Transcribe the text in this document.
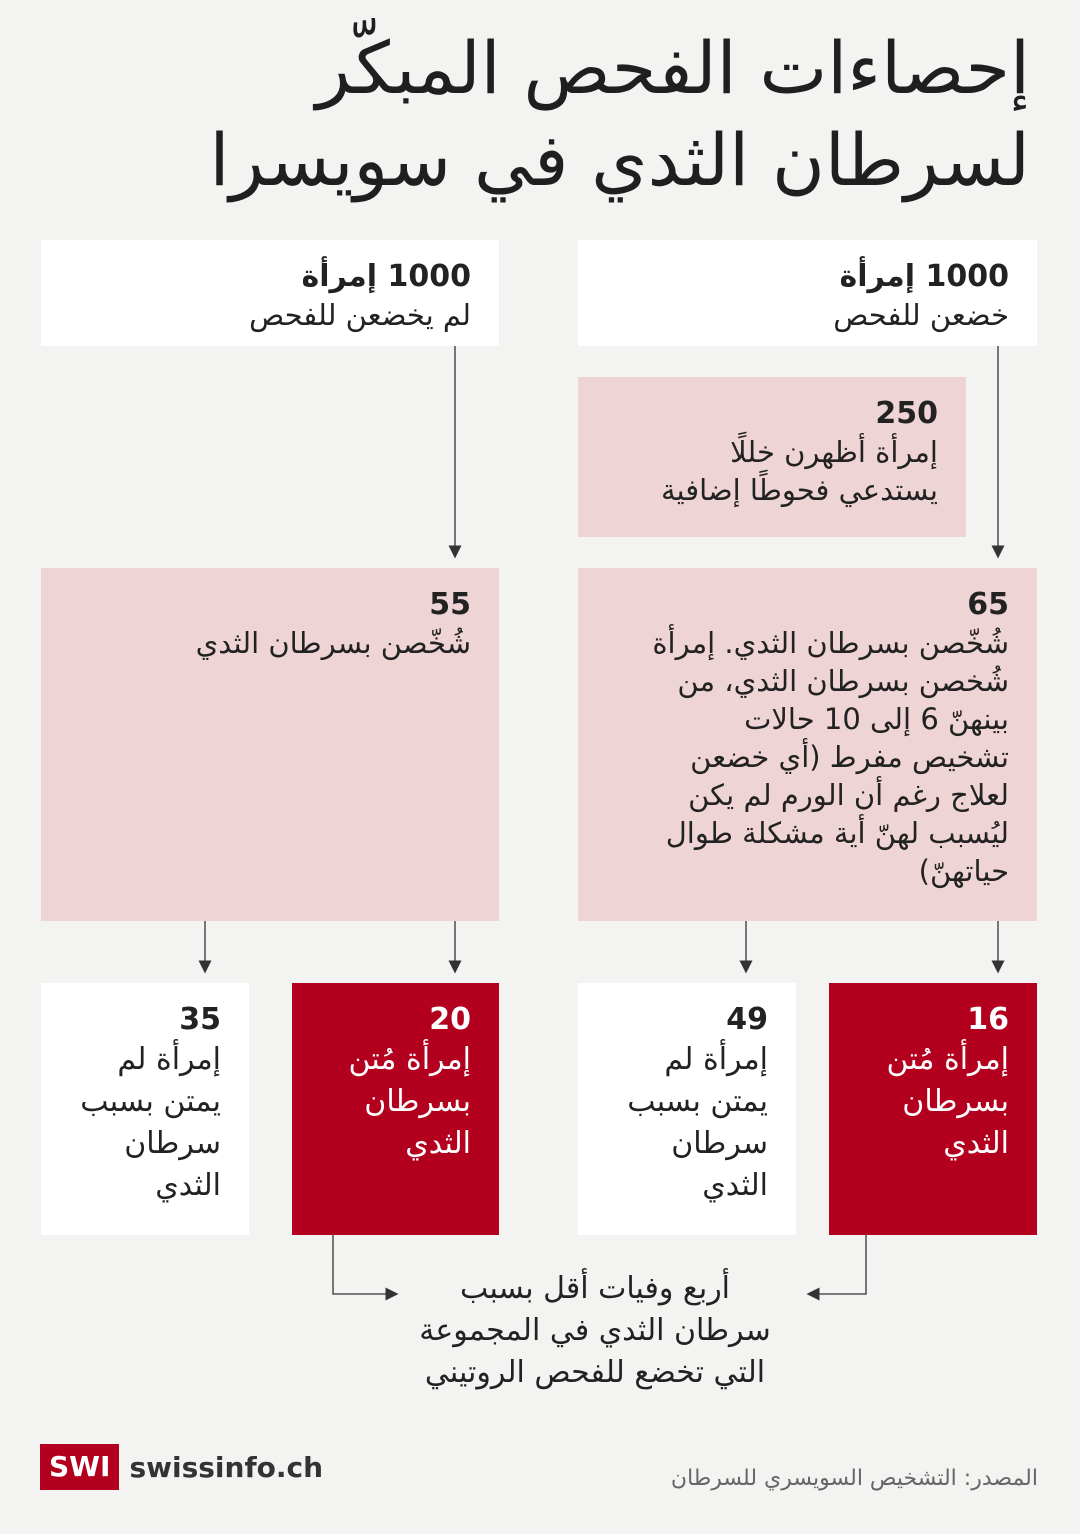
إحصاءات الفحص المبكّر
لسرطان الثدي في سويسرا
1000 إمرأة
خضعن للفحص
1000 إمرأة
لم يخضعن للفحص
250
إمرأة أظهرن خللًا
يستدعي فحوطًا إضافية
65
شُخّصن بسرطان الثدي. إمرأة
شُخصن بسرطان الثدي، من
بينهنّ 6 إلى 10 حالات
تشخيص مفرط (أي خضعن
لعلاج رغم أن الورم لم يكن
ليُسبب لهنّ أية مشكلة طوال
حياتهنّ)
55
شُخّصن بسرطان الثدي
16
إمرأة مُتن
بسرطان
الثدي
49
إمرأة لم
يمتن بسبب
سرطان
الثدي
20
إمرأة مُتن
بسرطان
الثدي
35
إمرأة لم
يمتن بسبب
سرطان
الثدي
أربع وفيات أقل بسبب
سرطان الثدي في المجموعة
التي تخضع للفحص الروتيني
SWI swissinfo.ch	المصدر: التشخيص السويسري للسرطان
